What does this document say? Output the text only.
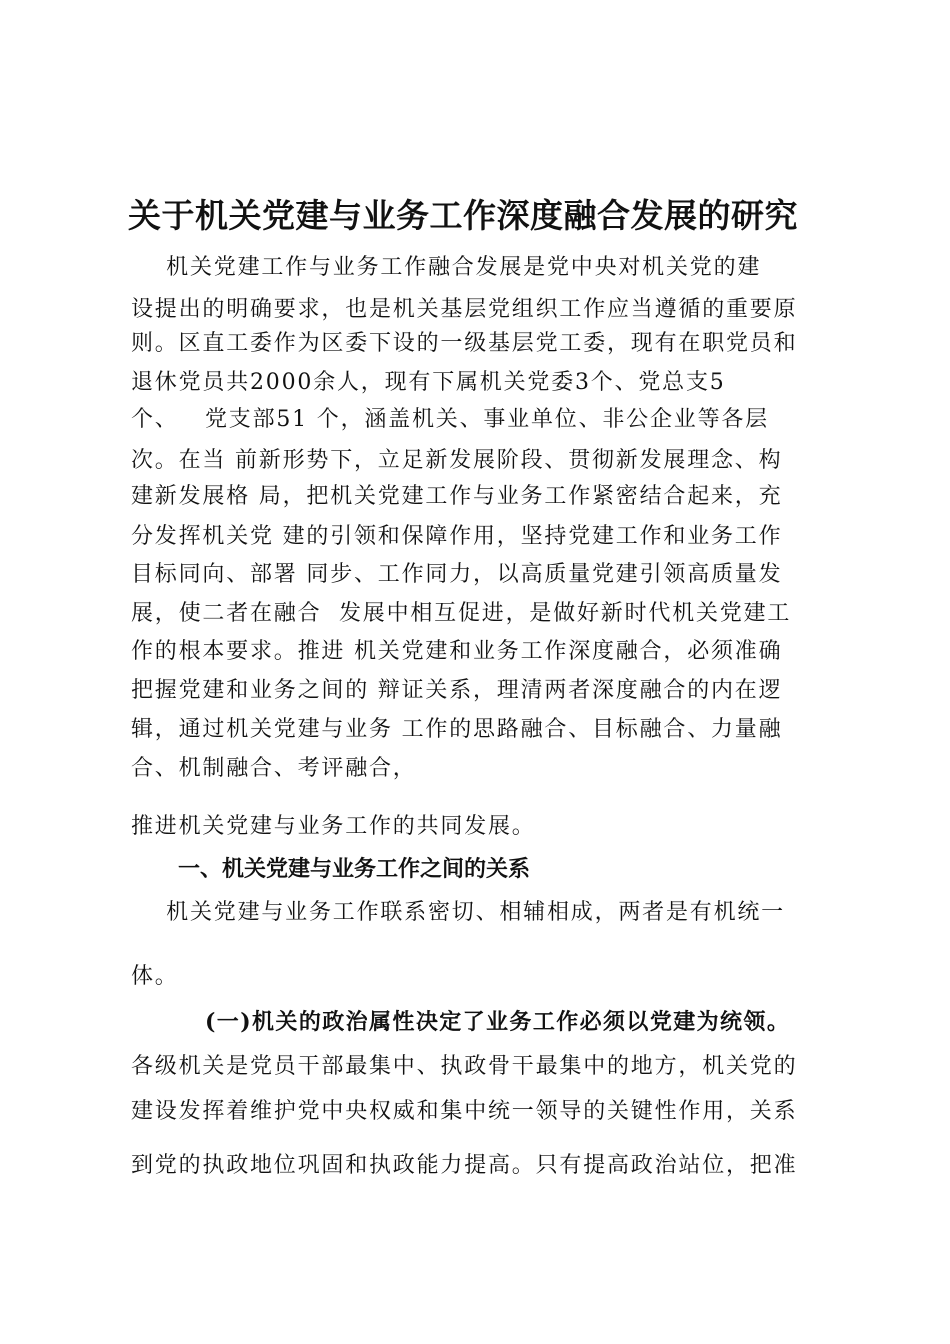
关于机关党建与业务工作深度融合发展的研究
机关党建工作与业务工作融合发展是党中央对机关党的建
设提出的明确要求，也是机关基层党组织工作应当遵循的重要原
则。区直工委作为区委下设的一级基层党工委，现有在职党员和
退休党员共2000余人，现有下属机关党委3个、党总支5
个、   党支部51 个，涵盖机关、事业单位、非公企业等各层
次。在当 前新形势下，立足新发展阶段、贯彻新发展理念、构
建新发展格 局，把机关党建工作与业务工作紧密结合起来，充
分发挥机关党 建的引领和保障作用，坚持党建工作和业务工作
目标同向、部署 同步、工作同力，以高质量党建引领高质量发
展，使二者在融合  发展中相互促进，是做好新时代机关党建工
作的根本要求。推进 机关党建和业务工作深度融合，必须准确
把握党建和业务之间的 辩证关系，理清两者深度融合的内在逻
辑，通过机关党建与业务 工作的思路融合、目标融合、力量融
合、机制融合、考评融合，
推进机关党建与业务工作的共同发展。
一、机关党建与业务工作之间的关系
机关党建与业务工作联系密切、相辅相成，两者是有机统一
体。
(一)机关的政治属性决定了业务工作必须以党建为统领。
各级机关是党员干部最集中、执政骨干最集中的地方，机关党的
建设发挥着维护党中央权威和集中统一领导的关键性作用，关系
到党的执政地位巩固和执政能力提高。只有提高政治站位，把准
